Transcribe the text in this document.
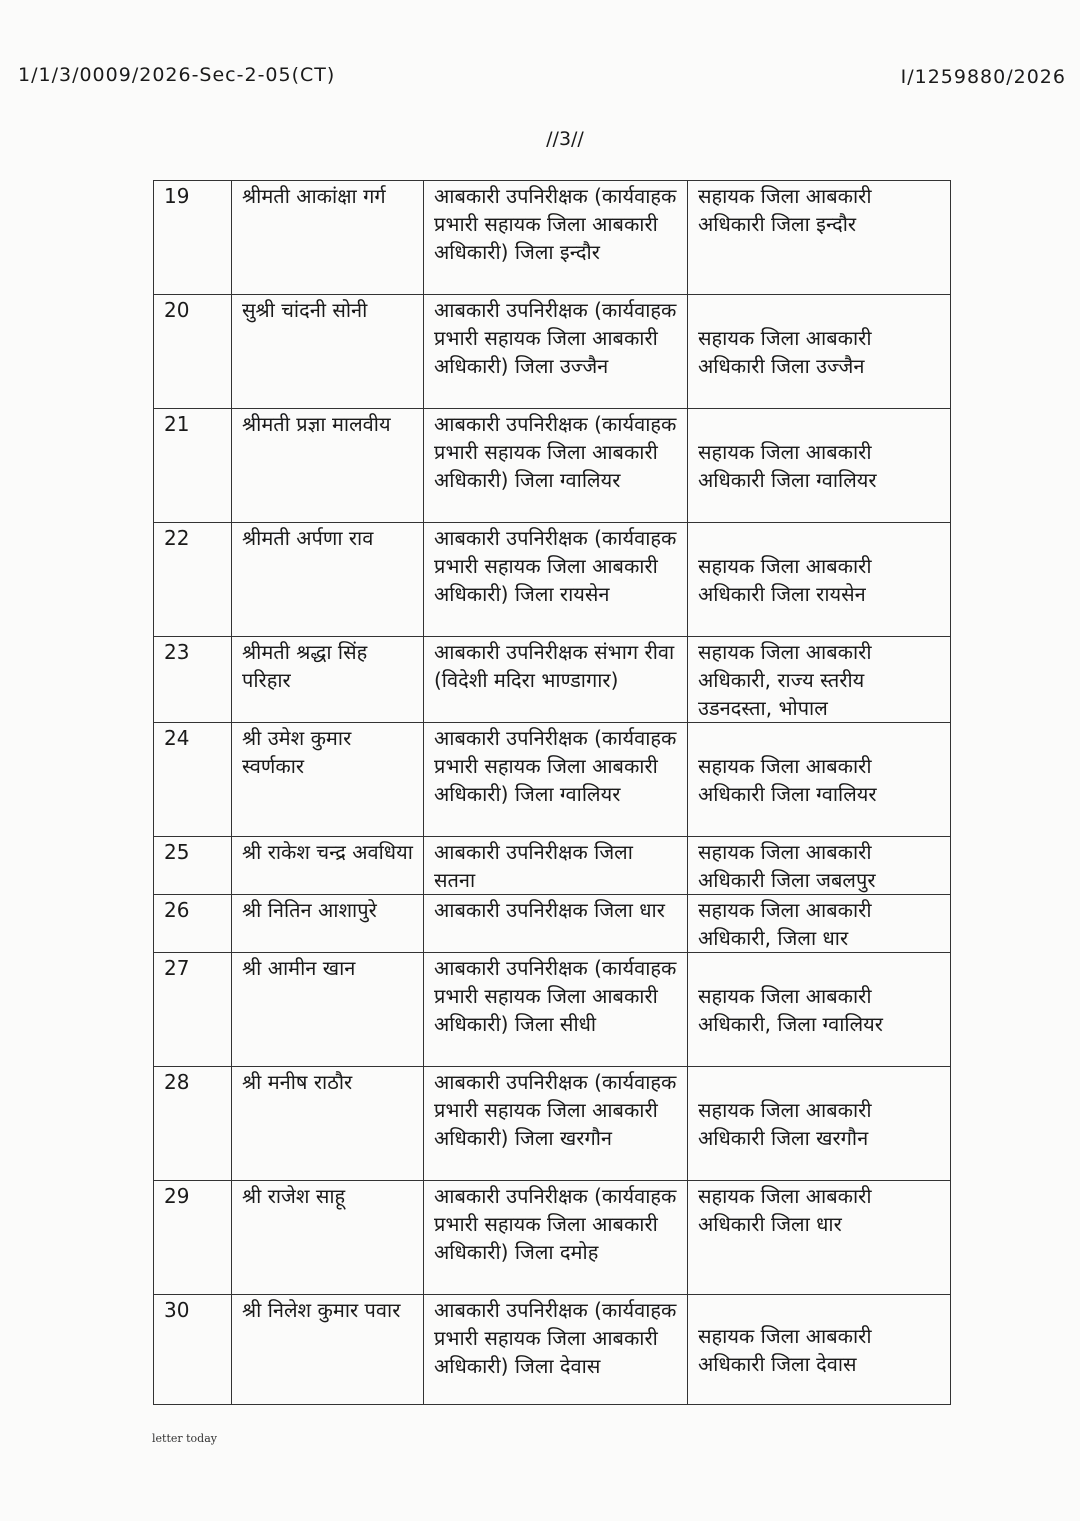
1/1/3/0009/2026-Sec-2-05(CT)	I/1259880/2026
//3//
19	श्रीमती आकांक्षा गर्ग	आबकारी उपनिरीक्षक (कार्यवाहक प्रभारी सहायक जिला आबकारी अधिकारी) जिला इन्दौर	सहायक जिला आबकारी अधिकारी जिला इन्दौर
20	सुश्री चांदनी सोनी	आबकारी उपनिरीक्षक (कार्यवाहक प्रभारी सहायक जिला आबकारी अधिकारी) जिला उज्जैन	सहायक जिला आबकारी अधिकारी जिला उज्जैन
21	श्रीमती प्रज्ञा मालवीय	आबकारी उपनिरीक्षक (कार्यवाहक प्रभारी सहायक जिला आबकारी अधिकारी) जिला ग्वालियर	सहायक जिला आबकारी अधिकारी जिला ग्वालियर
22	श्रीमती अर्पणा राव	आबकारी उपनिरीक्षक (कार्यवाहक प्रभारी सहायक जिला आबकारी अधिकारी) जिला रायसेन	सहायक जिला आबकारी अधिकारी जिला रायसेन
23	श्रीमती श्रद्धा सिंह परिहार	आबकारी उपनिरीक्षक संभाग रीवा (विदेशी मदिरा भाण्डागार)	सहायक जिला आबकारी अधिकारी, राज्य स्तरीय उडनदस्ता, भोपाल
24	श्री उमेश कुमार स्वर्णकार	आबकारी उपनिरीक्षक (कार्यवाहक प्रभारी सहायक जिला आबकारी अधिकारी) जिला ग्वालियर	सहायक जिला आबकारी अधिकारी जिला ग्वालियर
25	श्री राकेश चन्द्र अवधिया	आबकारी उपनिरीक्षक जिला सतना	सहायक जिला आबकारी अधिकारी जिला जबलपुर
26	श्री नितिन आशापुरे	आबकारी उपनिरीक्षक जिला धार	सहायक जिला आबकारी अधिकारी, जिला धार
27	श्री आमीन खान	आबकारी उपनिरीक्षक (कार्यवाहक प्रभारी सहायक जिला आबकारी अधिकारी) जिला सीधी	सहायक जिला आबकारी अधिकारी, जिला ग्वालियर
28	श्री मनीष राठौर	आबकारी उपनिरीक्षक (कार्यवाहक प्रभारी सहायक जिला आबकारी अधिकारी) जिला खरगौन	सहायक जिला आबकारी अधिकारी जिला खरगौन
29	श्री राजेश साहू	आबकारी उपनिरीक्षक (कार्यवाहक प्रभारी सहायक जिला आबकारी अधिकारी) जिला दमोह	सहायक जिला आबकारी अधिकारी जिला धार
30	श्री निलेश कुमार पवार	आबकारी उपनिरीक्षक (कार्यवाहक प्रभारी सहायक जिला आबकारी अधिकारी) जिला देवास	सहायक जिला आबकारी अधिकारी जिला देवास
letter today
